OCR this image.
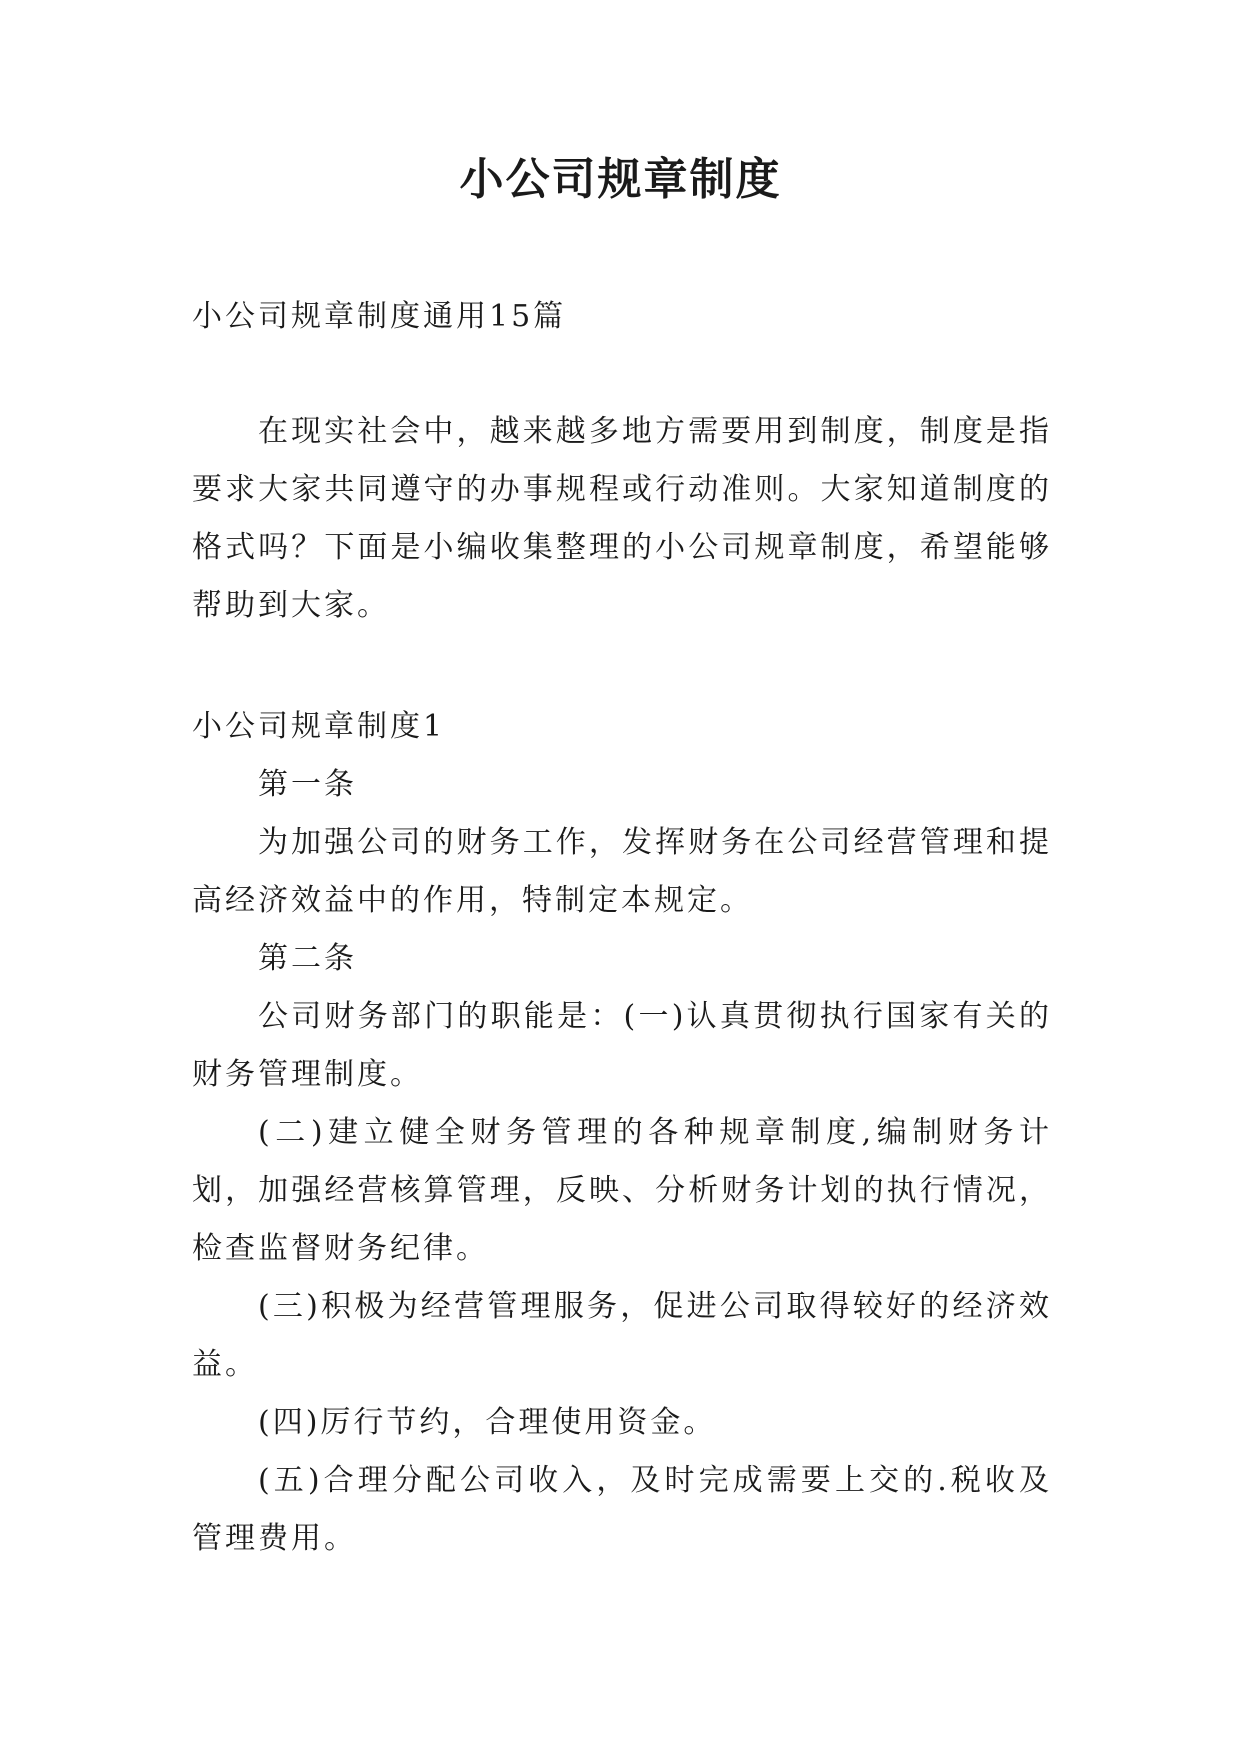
小公司规章制度

小公司规章制度通用15篇

在现实社会中，越来越多地方需要用到制度，制度是指要求大家共同遵守的办事规程或行动准则。大家知道制度的格式吗？下面是小编收集整理的小公司规章制度，希望能够帮助到大家。

小公司规章制度1

第一条

为加强公司的财务工作，发挥财务在公司经营管理和提高经济效益中的作用，特制定本规定。

第二条

公司财务部门的职能是：(一)认真贯彻执行国家有关的财务管理制度。

(二)建立健全财务管理的各种规章制度,编制财务计划，加强经营核算管理，反映、分析财务计划的执行情况，检查监督财务纪律。

(三)积极为经营管理服务，促进公司取得较好的经济效益。

(四)厉行节约，合理使用资金。

(五)合理分配公司收入，及时完成需要上交的.税收及管理费用。
